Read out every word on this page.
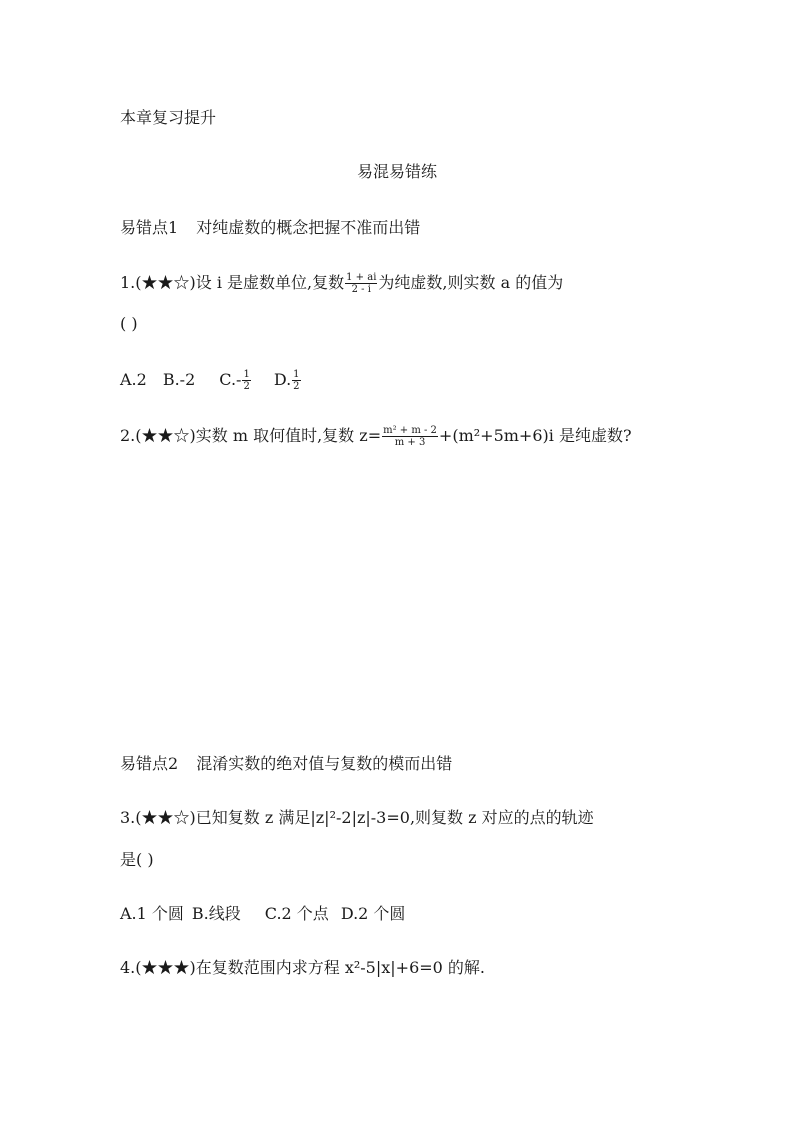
本章复习提升
易混易错练
易错点1 对纯虚数的概念把握不准而出错
1.(★★☆)设 i 是虚数单位,复数 $\frac{1 + ai}{2 - i}$ 为纯虚数,则实数 a 的值为
( )
A.2 B.-2 $C.- \frac{1}{2} D$. $\frac{1}{2}$
2.(★★☆)实数 m 取何值时,复数 $z= \frac{\text{m² + m - 2}}{m + 3} +(m^2+5m+6)i$ 是纯虚数?
易错点2 混淆实数的绝对值与复数的模而出错
3.(★★☆)已知复数 z 满足|z|²-2|z|-3=0,则复数 z 对应的点的轨迹
是( )
A.1 个圆 B.线段 C.2 个点 D.2 个圆
4.(★★★)在复数范围内求方程 x²-5|x|+6=0 的解.
